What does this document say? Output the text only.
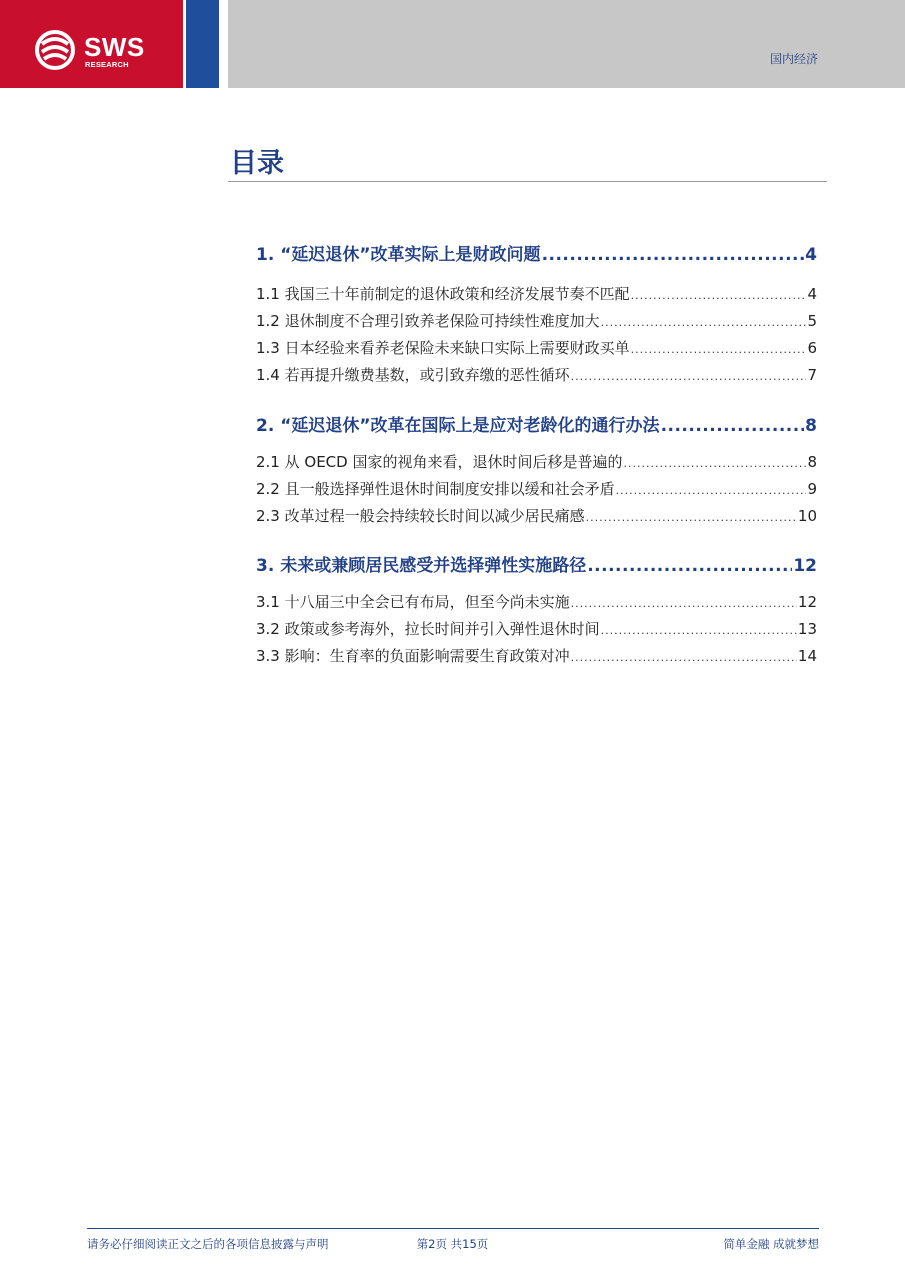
SWS
RESEARCH	国内经济
目录
1. “延迟退休”改革实际上是财政问题 .....	4
1.1 我国三十年前制定的退休政策和经济发展节奏不匹配 .....	4
1.2 退休制度不合理引致养老保险可持续性难度加大 .....	5
1.3 日本经验来看养老保险未来缺口实际上需要财政买单 .....	6
1.4 若再提升缴费基数，或引致弃缴的恶性循环 .....	7
2. “延迟退休”改革在国际上是应对老龄化的通行办法 .....	8
2.1 从 OECD 国家的视角来看，退休时间后移是普遍的 .....	8
2.2 且一般选择弹性退休时间制度安排以缓和社会矛盾 .....	9
2.3 改革过程一般会持续较长时间以减少居民痛感 .....	10
3. 未来或兼顾居民感受并选择弹性实施路径 .....	12
3.1 十八届三中全会已有布局，但至今尚未实施 .....	12
3.2 政策或参考海外，拉长时间并引入弹性退休时间 .....	13
3.3 影响：生育率的负面影响需要生育政策对冲 .....	14
请务必仔细阅读正文之后的各项信息披露与声明	第2页 共15页	简单金融 成就梦想
